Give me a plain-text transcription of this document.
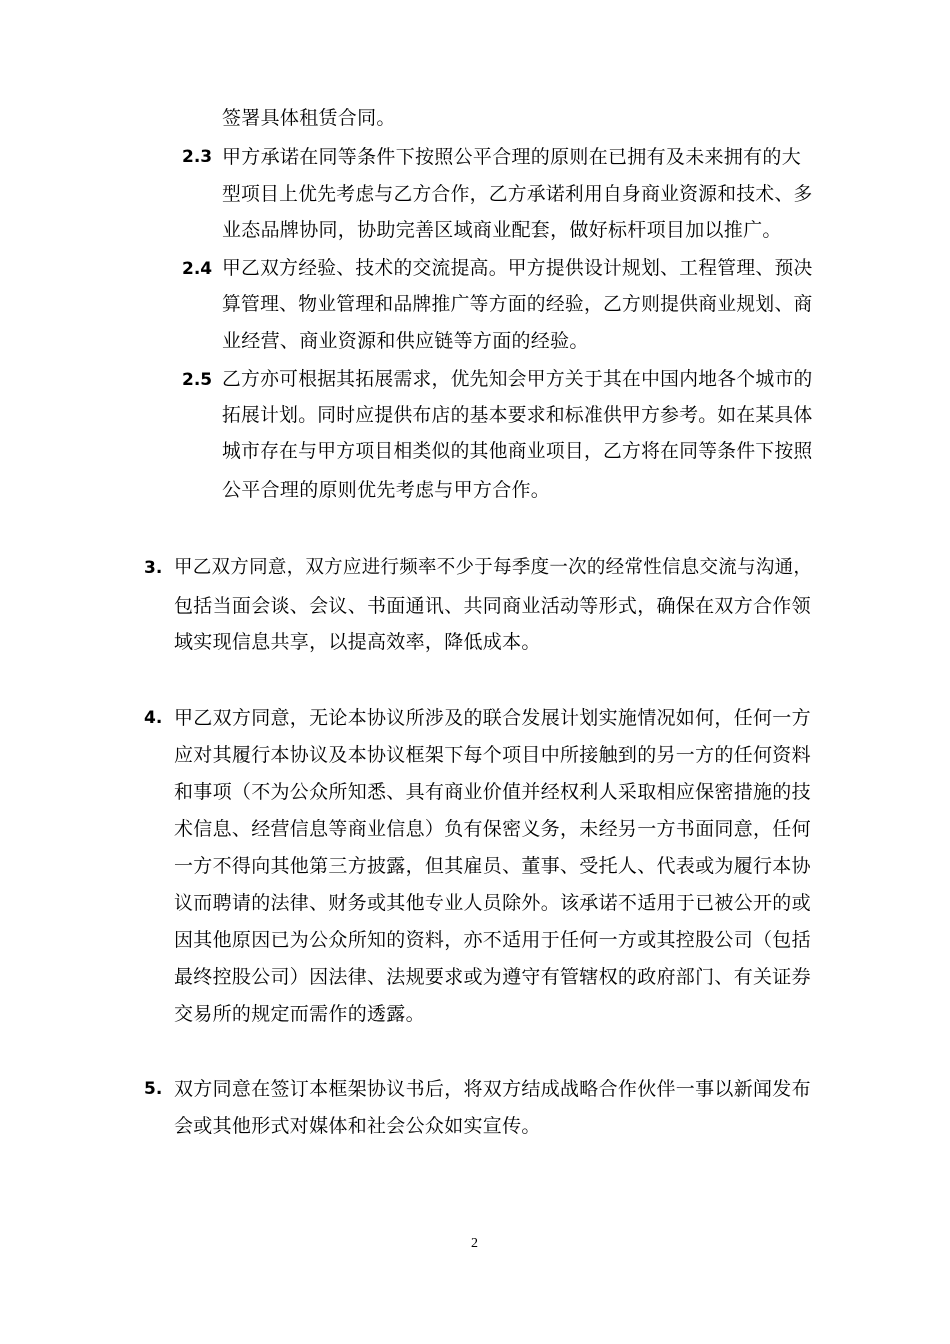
签署具体租赁合同。
2.3 甲方承诺在同等条件下按照公平合理的原则在已拥有及未来拥有的大
型项目上优先考虑与乙方合作，乙方承诺利用自身商业资源和技术、多
业态品牌协同，协助完善区域商业配套，做好标杆项目加以推广。
2.4 甲乙双方经验、技术的交流提高。甲方提供设计规划、工程管理、预决
算管理、物业管理和品牌推广等方面的经验，乙方则提供商业规划、商
业经营、商业资源和供应链等方面的经验。
2.5 乙方亦可根据其拓展需求，优先知会甲方关于其在中国内地各个城市的
拓展计划。同时应提供布店的基本要求和标准供甲方参考。如在某具体
城市存在与甲方项目相类似的其他商业项目，乙方将在同等条件下按照
公平合理的原则优先考虑与甲方合作。
3. 甲乙双方同意，双方应进行频率不少于每季度一次的经常性信息交流与沟通，
包括当面会谈、会议、书面通讯、共同商业活动等形式，确保在双方合作领
域实现信息共享，以提高效率，降低成本。
4. 甲乙双方同意，无论本协议所涉及的联合发展计划实施情况如何，任何一方
应对其履行本协议及本协议框架下每个项目中所接触到的另一方的任何资料
和事项（不为公众所知悉、具有商业价值并经权利人采取相应保密措施的技
术信息、经营信息等商业信息）负有保密义务，未经另一方书面同意，任何
一方不得向其他第三方披露，但其雇员、董事、受托人、代表或为履行本协
议而聘请的法律、财务或其他专业人员除外。该承诺不适用于已被公开的或
因其他原因已为公众所知的资料，亦不适用于任何一方或其控股公司（包括
最终控股公司）因法律、法规要求或为遵守有管辖权的政府部门、有关证券
交易所的规定而需作的透露。
5. 双方同意在签订本框架协议书后，将双方结成战略合作伙伴一事以新闻发布
会或其他形式对媒体和社会公众如实宣传。
2
